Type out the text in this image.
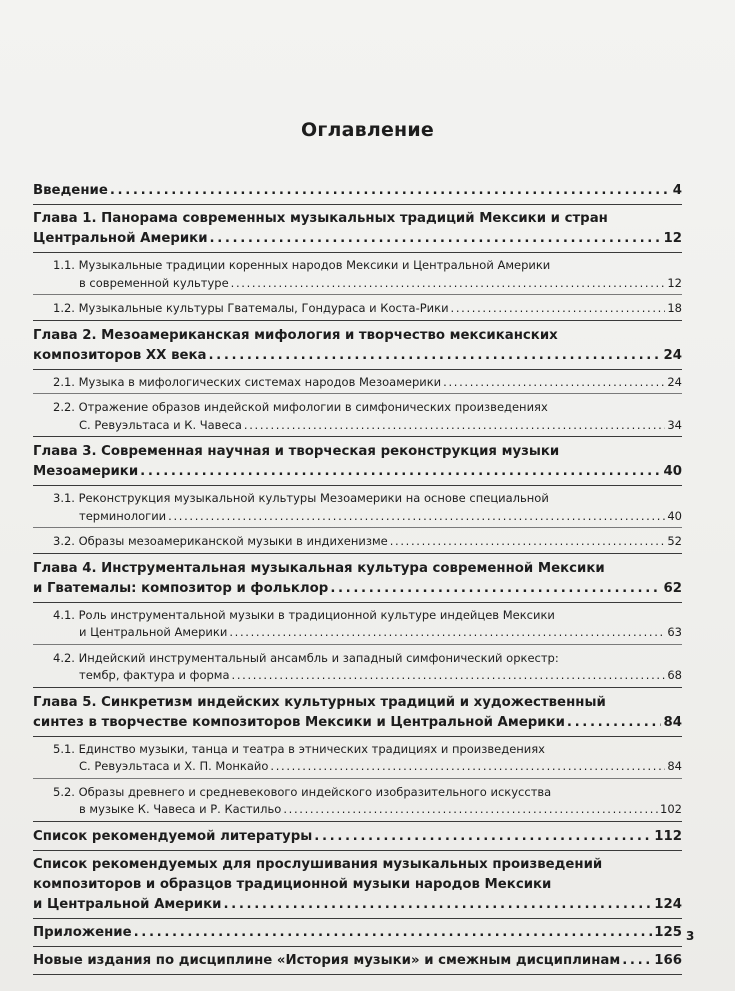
Оглавление
Введение . . .	4
Глава 1. Панорама современных музыкальных традиций Мексики и стран
Центральной Америки . . .	12
1.1. Музыкальные традиции коренных народов Мексики и Центральной Америки
в современной культуре . . .	12
1.2. Музыкальные культуры Гватемалы, Гондураса и Коста-Рики . . .	18
Глава 2. Мезоамериканская мифология и творчество мексиканских
композиторов XX века . . .	24
2.1. Музыка в мифологических системах народов Мезоамерики . . .	24
2.2. Отражение образов индейской мифологии в симфонических произведениях
С. Ревуэльтаса и К. Чавеса . . .	34
Глава 3. Современная научная и творческая реконструкция музыки
Мезоамерики . . .	40
3.1. Реконструкция музыкальной культуры Мезоамерики на основе специальной
терминологии . . .	40
3.2. Образы мезоамериканской музыки в индихенизме . . .	52
Глава 4. Инструментальная музыкальная культура современной Мексики
и Гватемалы: композитор и фольклор . . .	62
4.1. Роль инструментальной музыки в традиционной культуре индейцев Мексики
и Центральной Америки . . .	63
4.2. Индейский инструментальный ансамбль и западный симфонический оркестр:
тембр, фактура и форма . . .	68
Глава 5. Синкретизм индейских культурных традиций и художественный
синтез в творчестве композиторов Мексики и Центральной Америки . . .	84
5.1. Единство музыки, танца и театра в этнических традициях и произведениях
С. Ревуэльтаса и Х. П. Монкайо . . .	84
5.2. Образы древнего и средневекового индейского изобразительного искусства
в музыке К. Чавеса и Р. Кастильо . . .	102
Список рекомендуемой литературы . . .	112
Список рекомендуемых для прослушивания музыкальных произведений
композиторов и образцов традиционной музыки народов Мексики
и Центральной Америки . . .	124
Приложение . . .	125
Новые издания по дисциплине «История музыки» и смежным дисциплинам . . .	166
3
